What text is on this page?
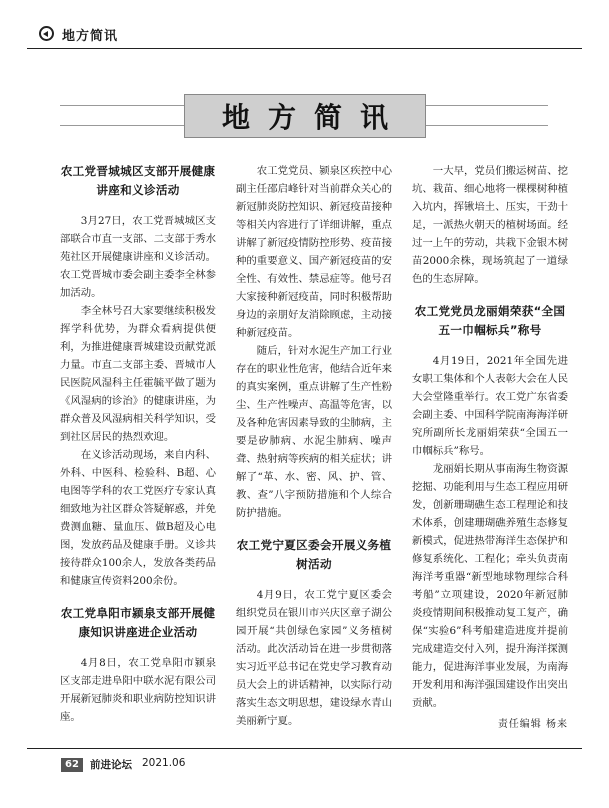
地方简讯
地方简讯
农工党晋城城区支部开展健康讲座和义诊活动

3月27日，农工党晋城城区支部联合市直一支部、二支部于秀水苑社区开展健康讲座和义诊活动。农工党晋城市委会副主委李全林参加活动。

李全林号召大家要继续积极发挥学科优势，为群众看病提供便利，为推进健康晋城建设贡献党派力量。市直二支部主委、晋城市人民医院风湿科主任霍毓平做了题为《风湿病的诊治》的健康讲座，为群众普及风湿病相关科学知识，受到社区居民的热烈欢迎。

在义诊活动现场，来自内科、外科、中医科、检验科、B超、心电图等学科的农工党医疗专家认真细致地为社区群众答疑解惑，并免费测血糖、量血压、做B超及心电图，发放药品及健康手册。义诊共接待群众100余人，发放各类药品和健康宣传资料200余份。

农工党阜阳市颍泉支部开展健康知识讲座进企业活动

4月8日，农工党阜阳市颍泉区支部走进阜阳中联水泥有限公司开展新冠肺炎和职业病防控知识讲座。

农工党党员、颍泉区疾控中心副主任邵启峰针对当前群众关心的新冠肺炎防控知识、新冠疫苗接种等相关内容进行了详细讲解，重点讲解了新冠疫情防控形势、疫苗接种的重要意义、国产新冠疫苗的安全性、有效性、禁忌症等。他号召大家接种新冠疫苗，同时积极帮助身边的亲朋好友消除顾虑，主动接种新冠疫苗。

随后，针对水泥生产加工行业存在的职业性危害，他结合近年来的真实案例，重点讲解了生产性粉尘、生产性噪声、高温等危害，以及各种危害因素导致的尘肺病，主要是矽肺病、水泥尘肺病、噪声聋、热射病等疾病的相关症状；讲解了“革、水、密、风、护、管、教、查”八字预防措施和个人综合防护措施。

农工党宁夏区委会开展义务植树活动

4月9日，农工党宁夏区委会组织党员在银川市兴庆区章子湖公园开展“共创绿色家园”义务植树活动。此次活动旨在进一步贯彻落实习近平总书记在党史学习教育动员大会上的讲话精神，以实际行动落实生态文明思想，建设绿水青山美丽新宁夏。

一大早，党员们搬运树苗、挖坑、栽苗、细心地将一棵棵树种植入坑内，挥锹培土、压实，干劲十足，一派热火朝天的植树场面。经过一上午的劳动，共栽下金银木树苗2000余株，现场筑起了一道绿色的生态屏障。

农工党党员龙丽娟荣获“全国五一巾帼标兵”称号

4月19日，2021年全国先进女职工集体和个人表彰大会在人民大会堂隆重举行。农工党广东省委会副主委、中国科学院南海海洋研究所副所长龙丽娟荣获“全国五一巾帼标兵”称号。

龙丽娟长期从事南海生物资源挖掘、功能利用与生态工程应用研发，创新珊瑚礁生态工程理论和技术体系，创建珊瑚礁养殖生态修复新模式，促进热带海洋生态保护和修复系统化、工程化；牵头负责南海洋考重器“新型地球物理综合科考船”立项建设，2020年新冠肺炎疫情期间积极推动复工复产，确保“实验6”科考船建造进度并提前完成建造交付入列，提升海洋探测能力，促进海洋事业发展，为南海开发利用和海洋强国建设作出突出贡献。

责任编辑 杨来
62	前进论坛 2021.06
